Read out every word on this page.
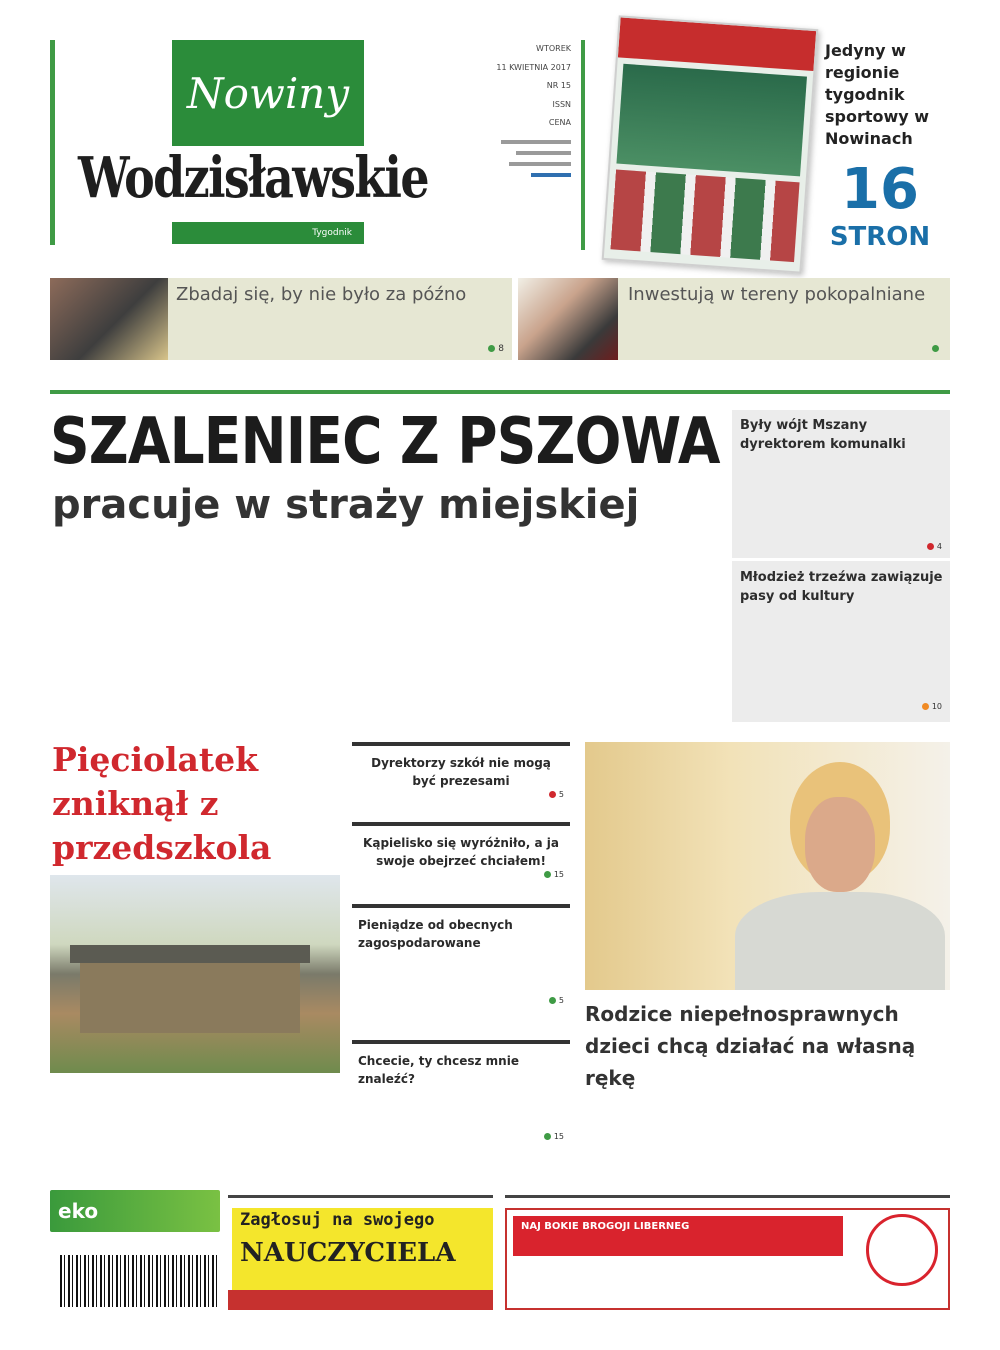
Nowiny
Wodzisławskie
Tygodnik
WTOREK
11 KWIETNIA 2017
NR 15
ISSN
CENA
Jedyny w regionie tygodnik sportowy w Nowinach
16
STRON
Zbadaj się, by nie było za późno
8
Inwestują w tereny pokopalniane
SZALENIEC Z PSZOWA
pracuje w straży miejskiej
Były wójt Mszany dyrektorem komunalki
4
Młodzież trzeźwa zawiązuje pasy od kultury
10
Pięciolatek zniknął z przedszkola
Dyrektorzy szkół nie mogą być prezesami
5
Kąpielisko się wyróżniło, a ja swoje obejrzeć chciałem!
15
Pieniądze od obecnych zagospodarowane
5
Chcecie, ty chcesz mnie znaleźć?
15
Rodzice niepełnosprawnych dzieci chcą działać na własną rękę
eko	Zagłosuj na swojego
NAUCZYCIELA
NAJ BOKIE BROGOJI LIBERNEG
